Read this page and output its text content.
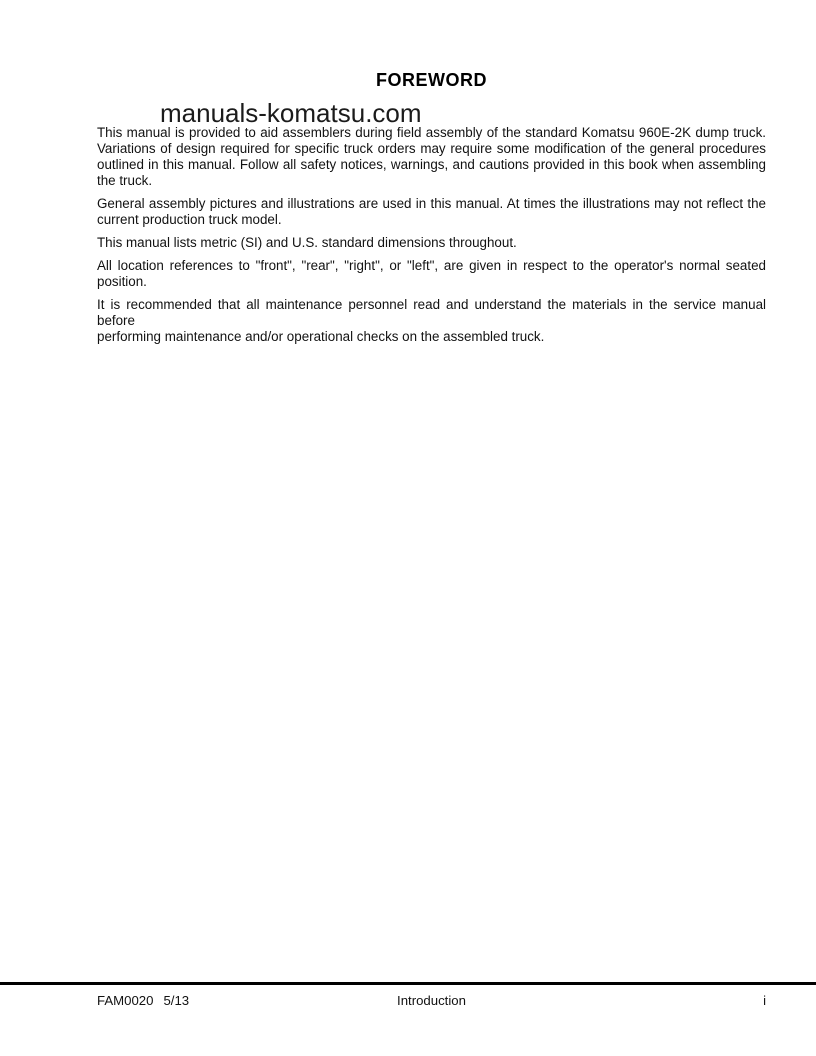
FOREWORD
manuals-komatsu.com
This manual is provided to aid assemblers during field assembly of the standard Komatsu 960E-2K dump truck.
Variations of design required for specific truck orders may require some modification of the general procedures
outlined in this manual. Follow all safety notices, warnings, and cautions provided in this book when assembling
the truck.
General assembly pictures and illustrations are used in this manual. At times the illustrations may not reflect the
current production truck model.
This manual lists metric (SI) and U.S. standard dimensions throughout.
All location references to "front", "rear", "right", or "left", are given in respect to the operator's normal seated
position.
It is recommended that all maintenance personnel read and understand the materials in the service manual before
performing maintenance and/or operational checks on the assembled truck.
FAM0020 5/13	Introduction	i
